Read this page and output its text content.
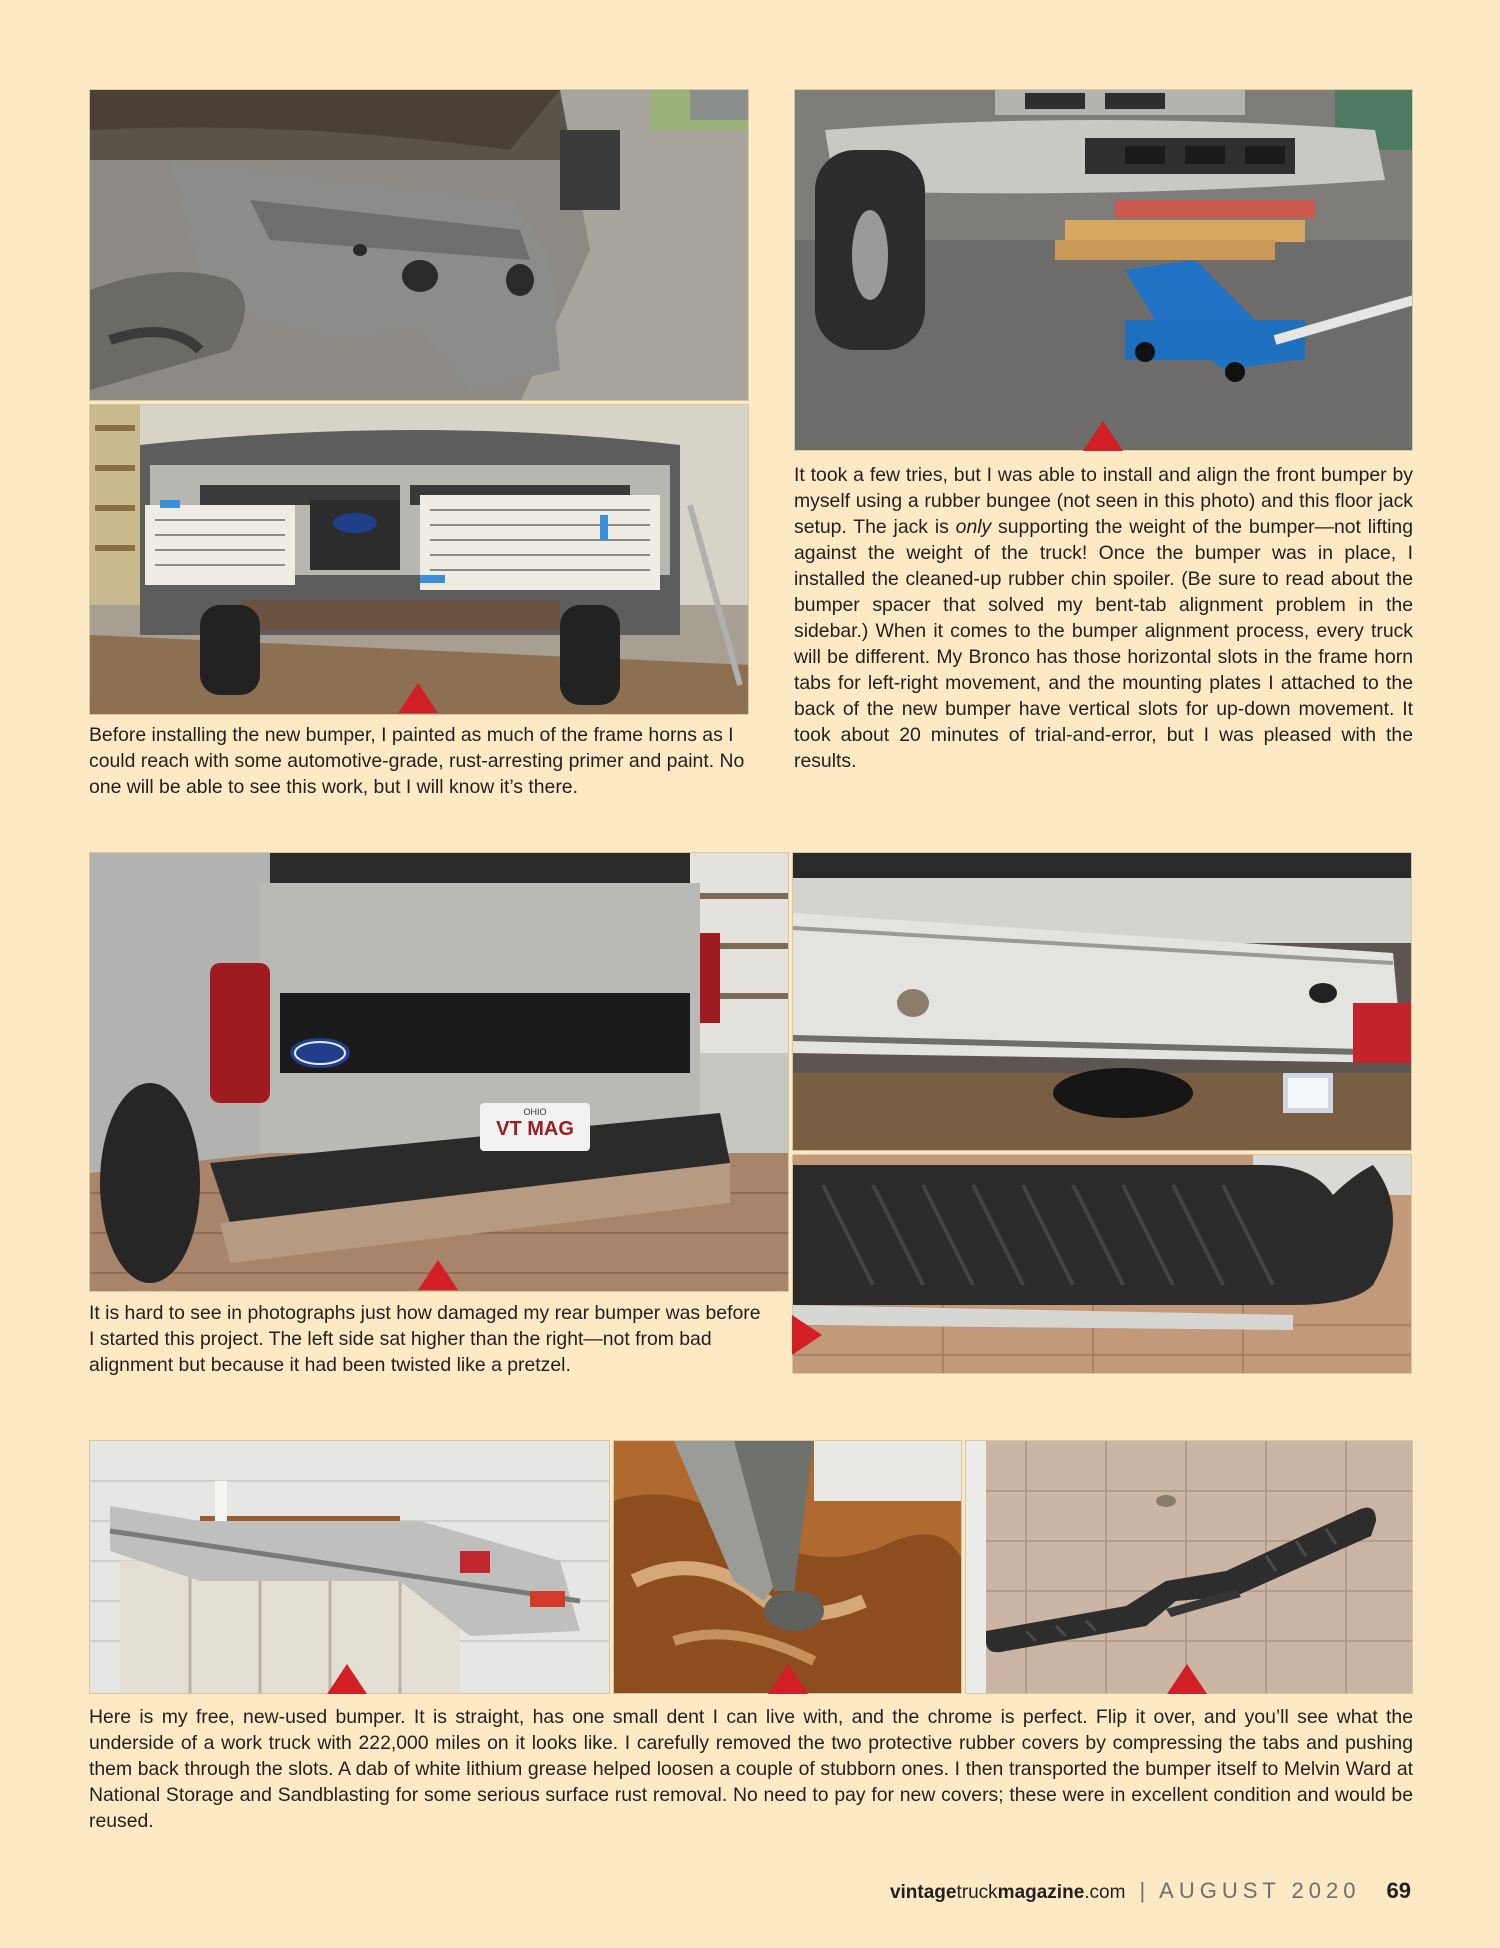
Before installing the new bumper, I painted as much of the frame horns as I could reach with some automotive-grade, rust-arresting primer and paint. No one will be able to see this work, but I will know it’s there.

It took a few tries, but I was able to install and align the front bumper by myself using a rubber bungee (not seen in this photo) and this floor jack setup. The jack is only supporting the weight of the bumper—not lifting against the weight of the truck! Once the bumper was in place, I installed the cleaned-up rubber chin spoiler. (Be sure to read about the bumper spacer that solved my bent-tab alignment problem in the sidebar.) When it comes to the bumper alignment process, every truck will be different. My Bronco has those horizontal slots in the frame horn tabs for left-right movement, and the mounting plates I attached to the back of the new bumper have vertical slots for up-down movement. It took about 20 minutes of trial-and-error, but I was pleased with the results.

VT MAG
OHIO

It is hard to see in photographs just how damaged my rear bumper was before I started this project. The left side sat higher than the right—not from bad alignment but because it had been twisted like a pretzel.

Here is my free, new-used bumper. It is straight, has one small dent I can live with, and the chrome is perfect. Flip it over, and you’ll see what the underside of a work truck with 222,000 miles on it looks like. I carefully removed the two protective rubber covers by compressing the tabs and pushing them back through the slots. A dab of white lithium grease helped loosen a couple of stubborn ones. I then transported the bumper itself to Melvin Ward at National Storage and Sandblasting for some serious surface rust removal. No need to pay for new covers; these were in excellent condition and would be reused.

vintagetruckmagazine.com | AUGUST 2020 69
